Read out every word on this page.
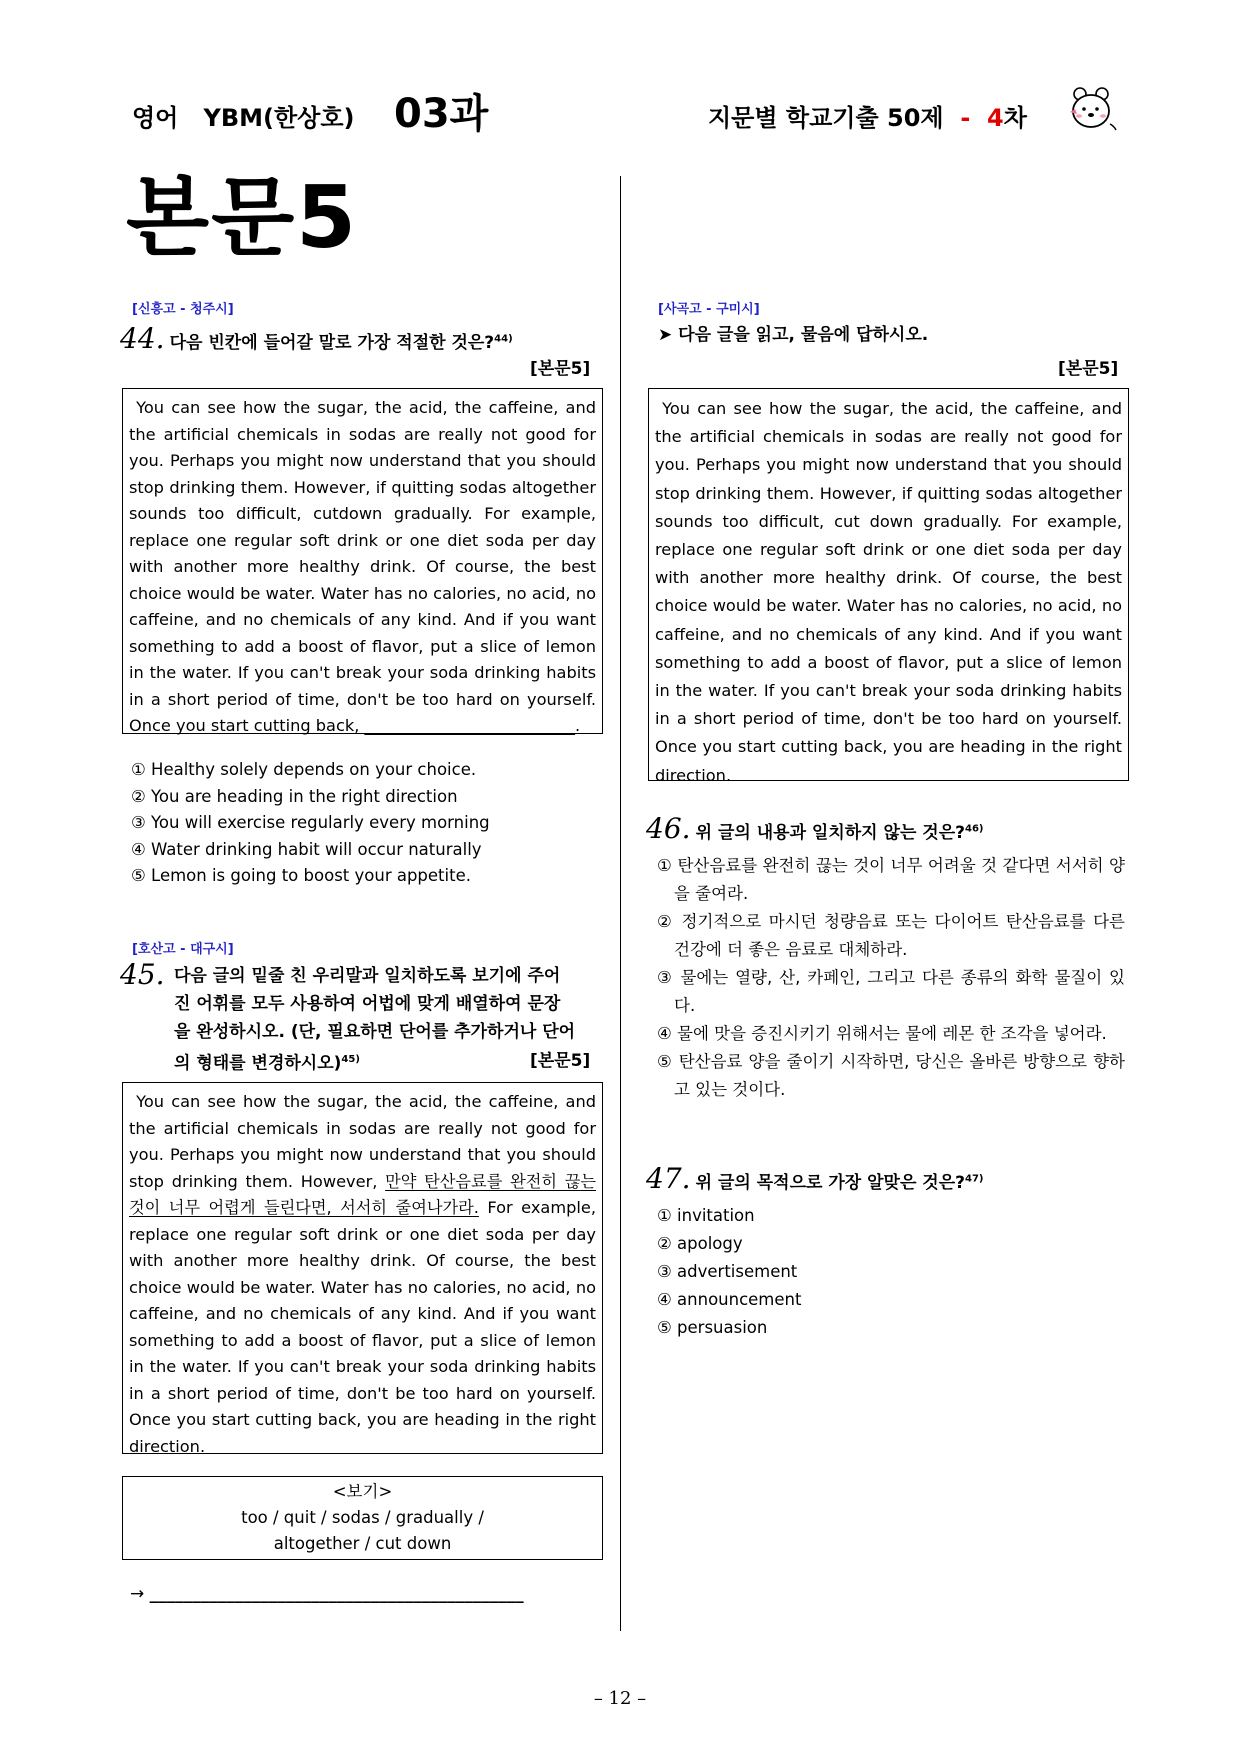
영어 YBM(한상호) 03과	지문별 학교기출 50제 - 4차
본문5
[신흥고 - 청주시]
44. 다음 빈칸에 들어갈 말로 가장 적절한 것은?$^{44)}$
[본문5]
You can see how the sugar, the acid, the caffeine, and the artificial chemicals in sodas are really not good for you. Perhaps you might now understand that you should stop drinking them. However, if quitting sodas altogether sounds too difficult, cutdown gradually. For example, replace one regular soft drink or one diet soda per day with another more healthy drink. Of course, the best choice would be water. Water has no calories, no acid, no caffeine, and no chemicals of any kind. And if you want something to add a boost of flavor, put a slice of lemon in the water. If you can't break your soda drinking habits in a short period of time, don't be too hard on yourself. Once you start cutting back, __________________________.
① Healthy solely depends on your choice.
② You are heading in the right direction
③ You will exercise regularly every morning
④ Water drinking habit will occur naturally
⑤ Lemon is going to boost your appetite.
[호산고 - 대구시]
45. 다음 글의 밑줄 친 우리말과 일치하도록 보기에 주어
진 어휘를 모두 사용하여 어법에 맞게 배열하여 문장
을 완성하시오. (단, 필요하면 단어를 추가하거나 단어
의 형태를 변경하시오)$^{45)}$	[본문5]
You can see how the sugar, the acid, the caffeine, and the artificial chemicals in sodas are really not good for you. Perhaps you might now understand that you should stop drinking them. However, 만약 탄산음료를 완전히 끊는 것이 너무 어렵게 들린다면, 서서히 줄여나가라. For example, replace one regular soft drink or one diet soda per day with another more healthy drink. Of course, the best choice would be water. Water has no calories, no acid, no caffeine, and no chemicals of any kind. And if you want something to add a boost of flavor, put a slice of lemon in the water. If you can't break your soda drinking habits in a short period of time, don't be too hard on yourself. Once you start cutting back, you are heading in the right direction.
<보기>
too / quit / sodas / gradually /
altogether / cut down
→ ____________________________________________
[사곡고 - 구미시]
➤ 다음 글을 읽고, 물음에 답하시오.
[본문5]
You can see how the sugar, the acid, the caffeine, and the artificial chemicals in sodas are really not good for you. Perhaps you might now understand that you should stop drinking them. However, if quitting sodas altogether sounds too difficult, cut down gradually. For example, replace one regular soft drink or one diet soda per day with another more healthy drink. Of course, the best choice would be water. Water has no calories, no acid, no caffeine, and no chemicals of any kind. And if you want something to add a boost of flavor, put a slice of lemon in the water. If you can't break your soda drinking habits in a short period of time, don't be too hard on yourself. Once you start cutting back, you are heading in the right direction.
46. 위 글의 내용과 일치하지 않는 것은?$^{46)}$
① 탄산음료를 완전히 끊는 것이 너무 어려울 것 같다면 서서히 양을 줄여라.
② 정기적으로 마시던 청량음료 또는 다이어트 탄산음료를 다른 건강에 더 좋은 음료로 대체하라.
③ 물에는 열량, 산, 카페인, 그리고 다른 종류의 화학 물질이 있다.
④ 물에 맛을 증진시키기 위해서는 물에 레몬 한 조각을 넣어라.
⑤ 탄산음료 양을 줄이기 시작하면, 당신은 올바른 방향으로 향하고 있는 것이다.
47. 위 글의 목적으로 가장 알맞은 것은?$^{47)}$
① invitation
② apology
③ advertisement
④ announcement
⑤ persuasion
– 12 –
